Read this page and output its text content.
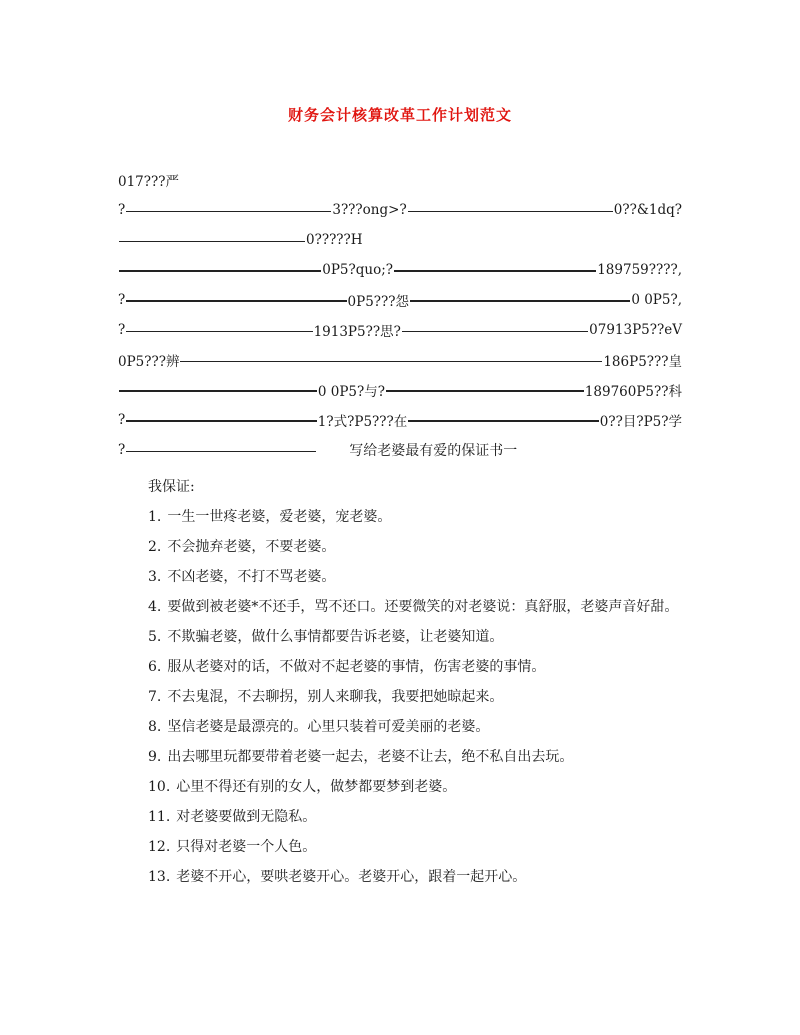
财务会计核算改革工作计划范文
017???严
?	3???ong>?	0??&1dq?
0?????H
0P5?quo;?	189759????,
?	0P5???怨	0 0P5?,
?	1913P5??思?	07913P5??eV
0P5???辨	186P5???皇
0 0P5?与?	189760P5??科
?	1?式?P5???在	0??目?P5?学
?	写给老婆最有爱的保证书一
我保证:
1. 一生一世疼老婆，爱老婆，宠老婆。
2. 不会抛弃老婆，不要老婆。
3. 不凶老婆，不打不骂老婆。
4. 要做到被老婆*不还手，骂不还口。还要微笑的对老婆说：真舒服，老婆声音好甜。
5. 不欺骗老婆，做什么事情都要告诉老婆，让老婆知道。
6. 服从老婆对的话，不做对不起老婆的事情，伤害老婆的事情。
7. 不去鬼混，不去聊拐，别人来聊我，我要把她晾起来。
8. 坚信老婆是最漂亮的。心里只装着可爱美丽的老婆。
9. 出去哪里玩都要带着老婆一起去，老婆不让去，绝不私自出去玩。
10. 心里不得还有别的女人，做梦都要梦到老婆。
11. 对老婆要做到无隐私。
12. 只得对老婆一个人色。
13. 老婆不开心，要哄老婆开心。老婆开心，跟着一起开心。
